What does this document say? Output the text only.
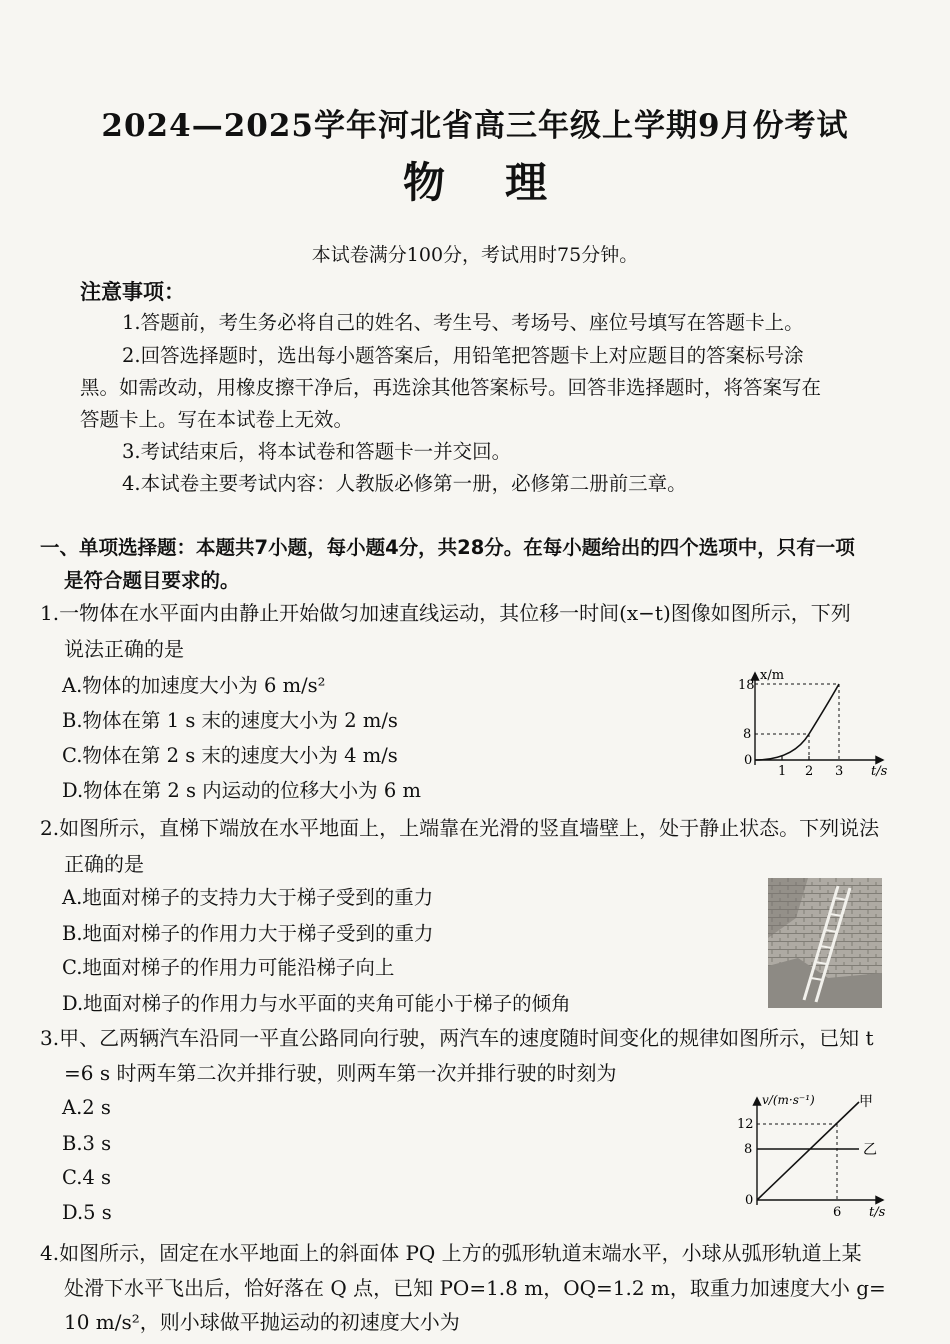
2024—2025学年河北省高三年级上学期9月份考试
物理
本试卷满分100分，考试用时75分钟。
注意事项：
1.答题前，考生务必将自己的姓名、考生号、考场号、座位号填写在答题卡上。
2.回答选择题时，选出每小题答案后，用铅笔把答题卡上对应题目的答案标号涂
黑。如需改动，用橡皮擦干净后，再选涂其他答案标号。回答非选择题时，将答案写在
答题卡上。写在本试卷上无效。
3.考试结束后，将本试卷和答题卡一并交回。
4.本试卷主要考试内容：人教版必修第一册，必修第二册前三章。
一、单项选择题：本题共7小题，每小题4分，共28分。在每小题给出的四个选项中，只有一项
是符合题目要求的。
1.一物体在水平面内由静止开始做匀加速直线运动，其位移一时间(x−t)图像如图所示，下列
说法正确的是
A.物体的加速度大小为 6 m/s²
B.物体在第 1 s 末的速度大小为 2 m/s
C.物体在第 2 s 末的速度大小为 4 m/s
D.物体在第 2 s 内运动的位移大小为 6 m
x/m
18
8
0
1 2 3 t/s
2.如图所示，直梯下端放在水平地面上，上端靠在光滑的竖直墙壁上，处于静止状态。下列说法
正确的是
A.地面对梯子的支持力大于梯子受到的重力
B.地面对梯子的作用力大于梯子受到的重力
C.地面对梯子的作用力可能沿梯子向上
D.地面对梯子的作用力与水平面的夹角可能小于梯子的倾角
3.甲、乙两辆汽车沿同一平直公路同向行驶，两汽车的速度随时间变化的规律如图所示，已知 t
=6 s 时两车第二次并排行驶，则两车第一次并排行驶的时刻为
A.2 s
B.3 s
C.4 s
D.5 s
v/(m·s⁻¹)
12
8
0
6 t/s
甲
乙
4.如图所示，固定在水平地面上的斜面体 PQ 上方的弧形轨道末端水平，小球从弧形轨道上某
处滑下水平飞出后，恰好落在 Q 点，已知 PO=1.8 m，OQ=1.2 m，取重力加速度大小 g=
10 m/s²，则小球做平抛运动的初速度大小为
